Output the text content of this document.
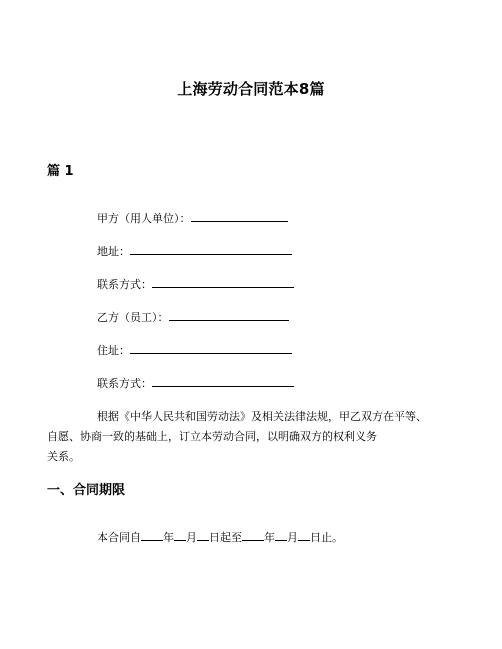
上海劳动合同范本8篇
篇 1
甲方（用人单位）：
地址：
联系方式：
乙方（员工）：
住址：
联系方式：
根据《中华人民共和国劳动法》及相关法律法规，甲乙双方在平等、
自愿、协商一致的基础上，订立本劳动合同，以明确双方的权利义务
关系。
一、合同期限
本合同自 年 月 日起至 年 月 日止。
